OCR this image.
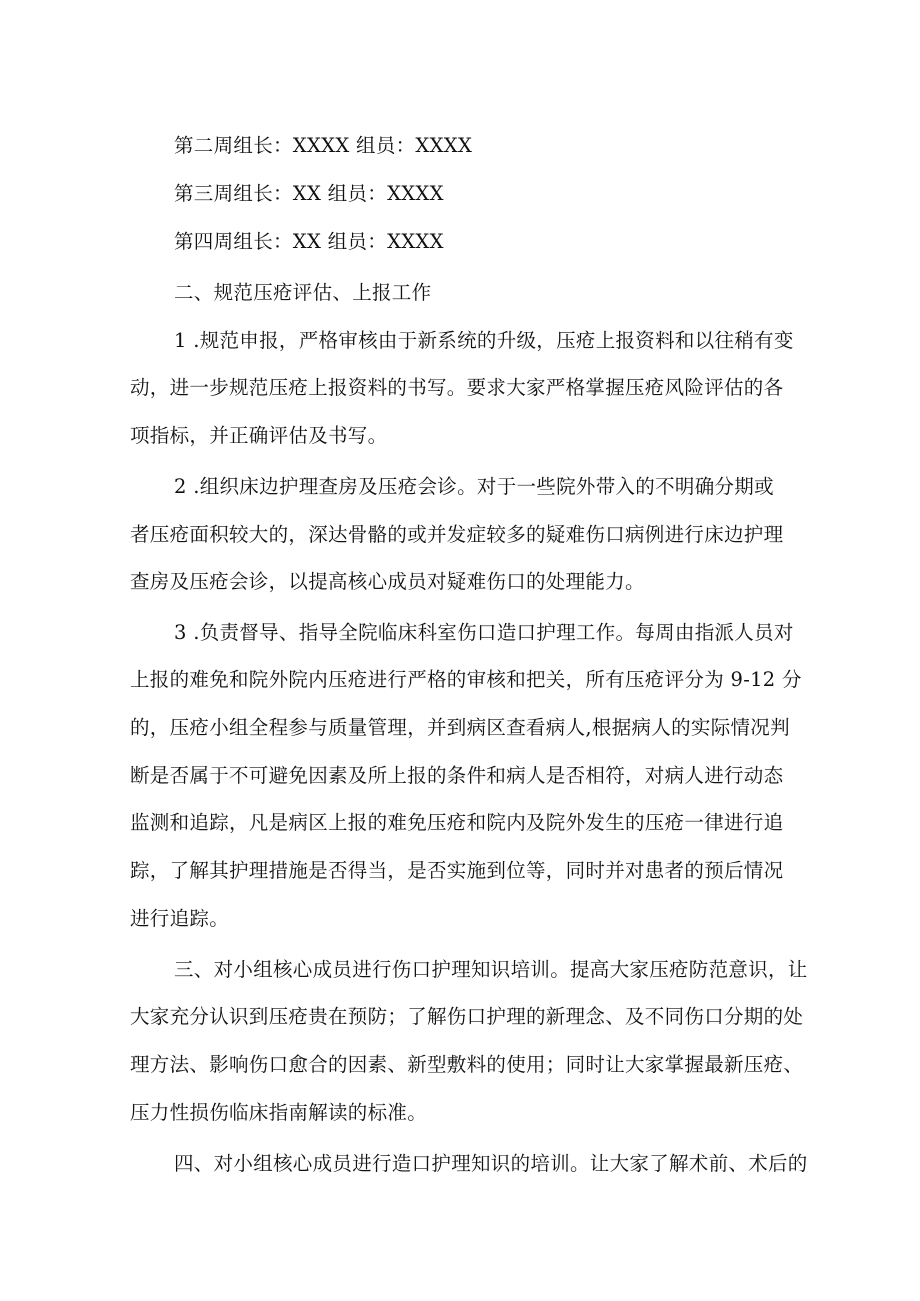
第二周组长：XXXX 组员：XXXX
第三周组长：XX 组员：XXXX
第四周组长：XX 组员：XXXX
二、规范压疮评估、上报工作
1 .规范申报，严格审核由于新系统的升级，压疮上报资料和以往稍有变
动，进一步规范压疮上报资料的书写。要求大家严格掌握压疮风险评估的各
项指标，并正确评估及书写。
2 .组织床边护理查房及压疮会诊。对于一些院外带入的不明确分期或
者压疮面积较大的，深达骨骼的或并发症较多的疑难伤口病例进行床边护理
查房及压疮会诊，以提高核心成员对疑难伤口的处理能力。
3 .负责督导、指导全院临床科室伤口造口护理工作。每周由指派人员对
上报的难免和院外院内压疮进行严格的审核和把关，所有压疮评分为 9-12 分
的，压疮小组全程参与质量管理，并到病区查看病人,根据病人的实际情况判
断是否属于不可避免因素及所上报的条件和病人是否相符，对病人进行动态
监测和追踪，凡是病区上报的难免压疮和院内及院外发生的压疮一律进行追
踪，了解其护理措施是否得当，是否实施到位等，同时并对患者的预后情况
进行追踪。
三、对小组核心成员进行伤口护理知识培训。提高大家压疮防范意识，让
大家充分认识到压疮贵在预防；了解伤口护理的新理念、及不同伤口分期的处
理方法、影响伤口愈合的因素、新型敷料的使用；同时让大家掌握最新压疮、
压力性损伤临床指南解读的标准。
四、对小组核心成员进行造口护理知识的培训。让大家了解术前、术后的
